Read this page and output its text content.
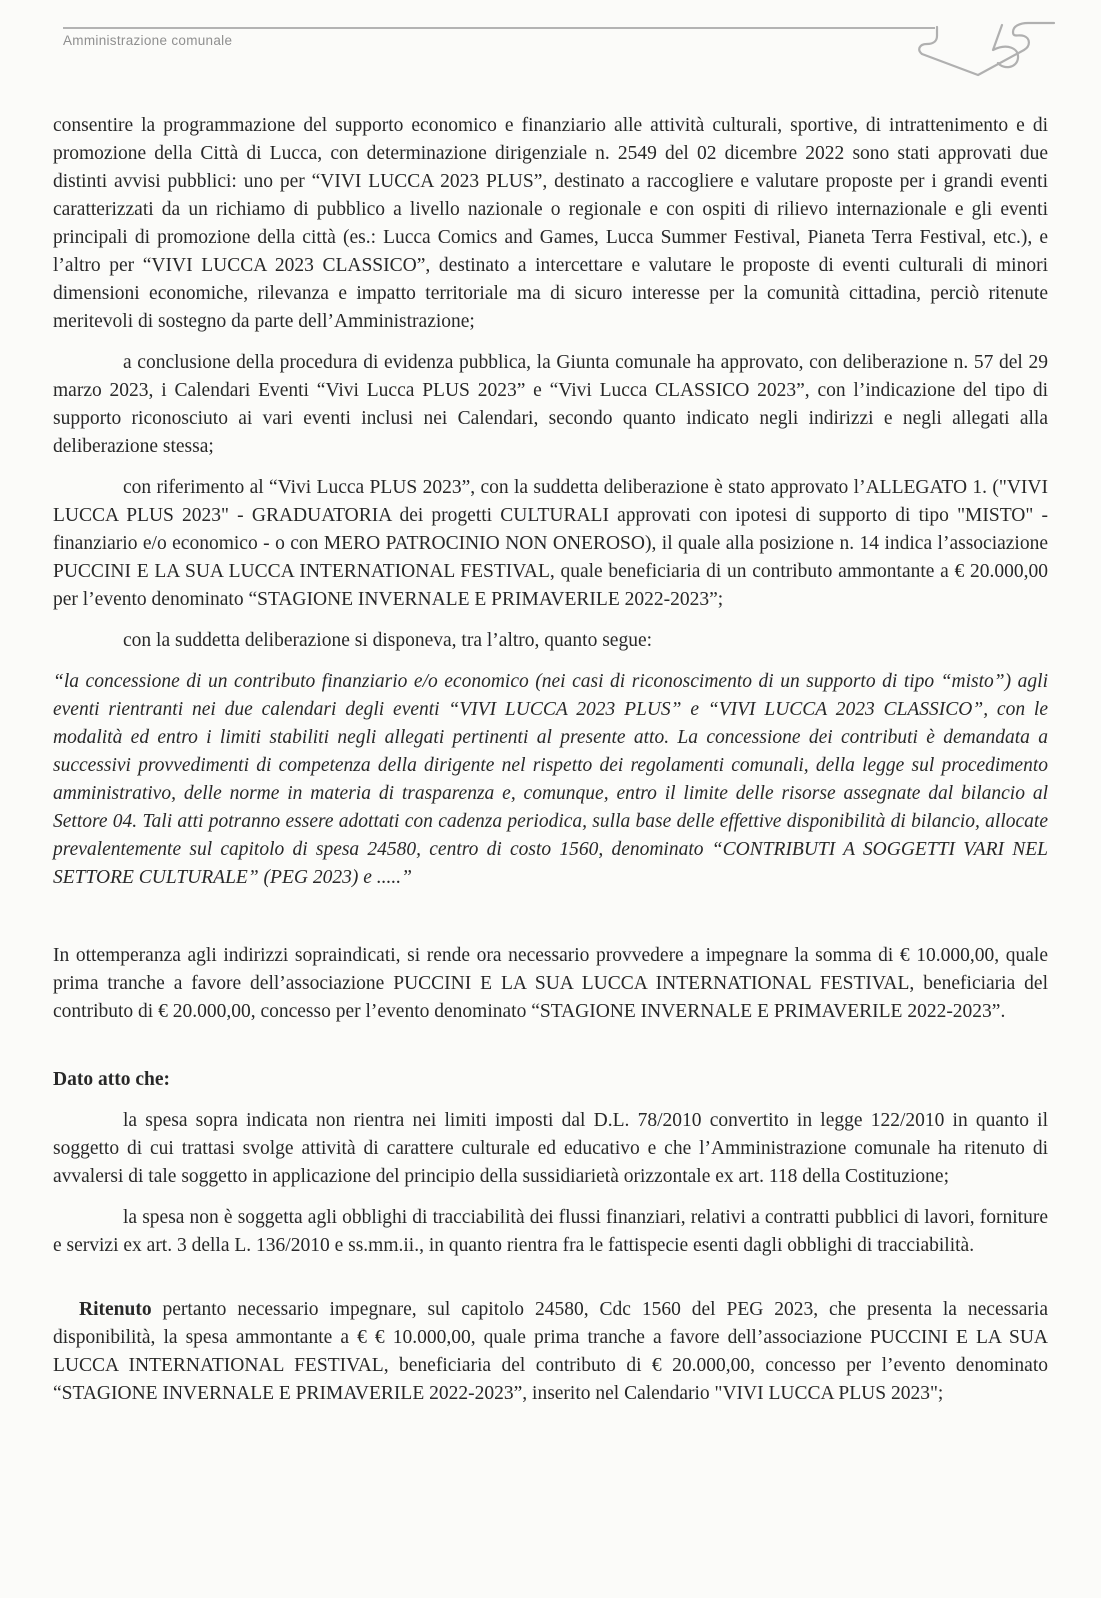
Amministrazione comunale

consentire la programmazione del supporto economico e finanziario alle attività culturali, sportive, di intrattenimento e di promozione della Città di Lucca, con determinazione dirigenziale n. 2549 del 02 dicembre 2022 sono stati approvati due distinti avvisi pubblici: uno per “VIVI LUCCA 2023 PLUS”, destinato a raccogliere e valutare proposte per i grandi eventi caratterizzati da un richiamo di pubblico a livello nazionale o regionale e con ospiti di rilievo internazionale e gli eventi principali di promozione della città (es.: Lucca Comics and Games, Lucca Summer Festival, Pianeta Terra Festival, etc.), e l’altro per “VIVI LUCCA 2023 CLASSICO”, destinato a intercettare e valutare le proposte di eventi culturali di minori dimensioni economiche, rilevanza e impatto territoriale ma di sicuro interesse per la comunità cittadina, perciò ritenute meritevoli di sostegno da parte dell’Amministrazione;

a conclusione della procedura di evidenza pubblica, la Giunta comunale ha approvato, con deliberazione n. 57 del 29 marzo 2023, i Calendari Eventi “Vivi Lucca PLUS 2023” e “Vivi Lucca CLASSICO 2023”, con l’indicazione del tipo di supporto riconosciuto ai vari eventi inclusi nei Calendari, secondo quanto indicato negli indirizzi e negli allegati alla deliberazione stessa;

con riferimento al “Vivi Lucca PLUS 2023”, con la suddetta deliberazione è stato approvato l’ALLEGATO 1. ("VIVI LUCCA PLUS 2023" - GRADUATORIA dei progetti CULTURALI approvati con ipotesi di supporto di tipo "MISTO" - finanziario e/o economico - o con MERO PATROCINIO NON ONEROSO), il quale alla posizione n. 14 indica l’associazione PUCCINI E LA SUA LUCCA INTERNATIONAL FESTIVAL, quale beneficiaria di un contributo ammontante a € 20.000,00 per l’evento denominato “STAGIONE INVERNALE E PRIMAVERILE 2022-2023”;

con la suddetta deliberazione si disponeva, tra l’altro, quanto segue:

“la concessione di un contributo finanziario e/o economico (nei casi di riconoscimento di un supporto di tipo “misto”) agli eventi rientranti nei due calendari degli eventi “VIVI LUCCA 2023 PLUS” e “VIVI LUCCA 2023 CLASSICO”, con le modalità ed entro i limiti stabiliti negli allegati pertinenti al presente atto. La concessione dei contributi è demandata a successivi provvedimenti di competenza della dirigente nel rispetto dei regolamenti comunali, della legge sul procedimento amministrativo, delle norme in materia di trasparenza e, comunque, entro il limite delle risorse assegnate dal bilancio al Settore 04. Tali atti potranno essere adottati con cadenza periodica, sulla base delle effettive disponibilità di bilancio, allocate prevalentemente sul capitolo di spesa 24580, centro di costo 1560, denominato “CONTRIBUTI A SOGGETTI VARI NEL SETTORE CULTURALE” (PEG 2023) e .....”

In ottemperanza agli indirizzi sopraindicati, si rende ora necessario provvedere a impegnare la somma di € 10.000,00, quale prima tranche a favore dell’associazione PUCCINI E LA SUA LUCCA INTERNATIONAL FESTIVAL, beneficiaria del contributo di € 20.000,00, concesso per l’evento denominato “STAGIONE INVERNALE E PRIMAVERILE 2022-2023”.

Dato atto che:

la spesa sopra indicata non rientra nei limiti imposti dal D.L. 78/2010 convertito in legge 122/2010 in quanto il soggetto di cui trattasi svolge attività di carattere culturale ed educativo e che l’Amministrazione comunale ha ritenuto di avvalersi di tale soggetto in applicazione del principio della sussidiarietà orizzontale ex art. 118 della Costituzione;

la spesa non è soggetta agli obblighi di tracciabilità dei flussi finanziari, relativi a contratti pubblici di lavori, forniture e servizi ex art. 3 della L. 136/2010 e ss.mm.ii., in quanto rientra fra le fattispecie esenti dagli obblighi di tracciabilità.

Ritenuto pertanto necessario impegnare, sul capitolo 24580, Cdc 1560 del PEG 2023, che presenta la necessaria disponibilità, la spesa ammontante a € € 10.000,00, quale prima tranche a favore dell’associazione PUCCINI E LA SUA LUCCA INTERNATIONAL FESTIVAL, beneficiaria del contributo di € 20.000,00, concesso per l’evento denominato “STAGIONE INVERNALE E PRIMAVERILE 2022-2023”, inserito nel Calendario "VIVI LUCCA PLUS 2023";
